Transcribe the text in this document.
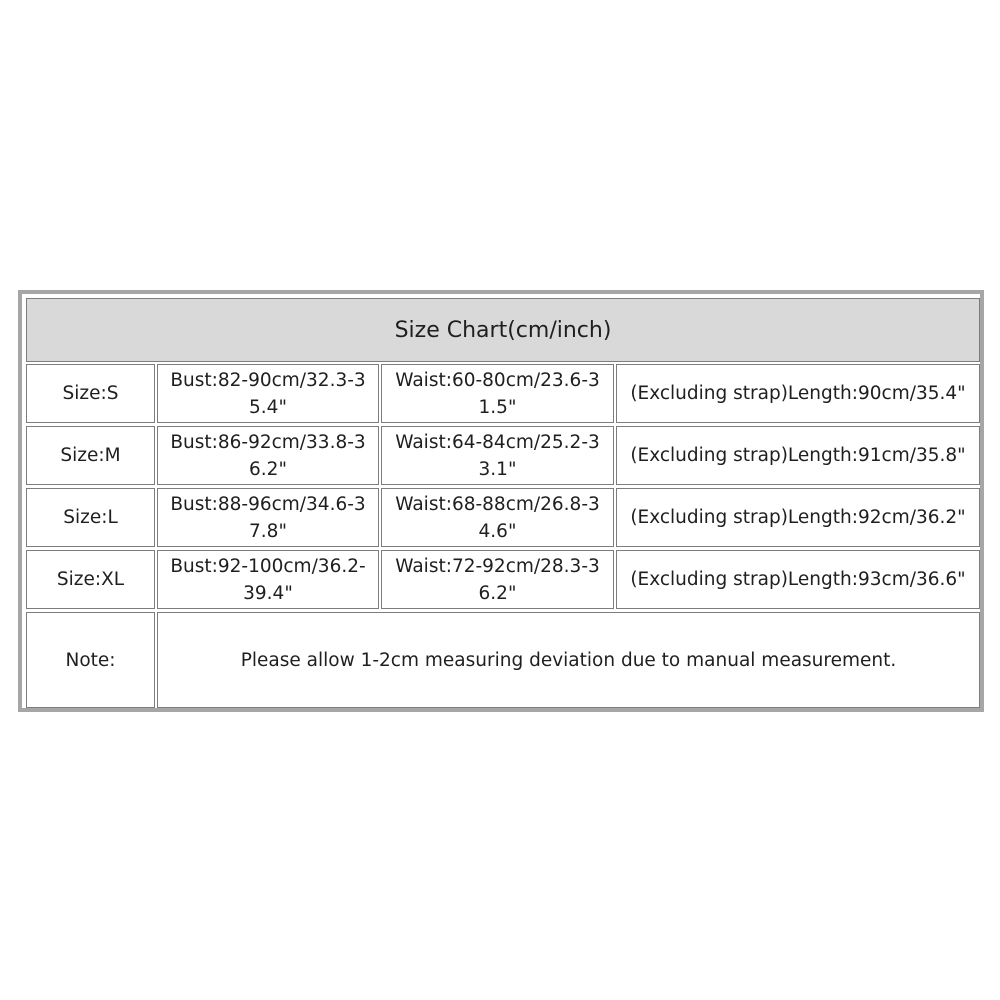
Size Chart(cm/inch)
Size:S
Bust:82-90cm/32.3-35.4"
Waist:60-80cm/23.6-31.5"
(Excluding strap)Length:90cm/35.4"
Size:M
Bust:86-92cm/33.8-36.2"
Waist:64-84cm/25.2-33.1"
(Excluding strap)Length:91cm/35.8"
Size:L
Bust:88-96cm/34.6-37.8"
Waist:68-88cm/26.8-34.6"
(Excluding strap)Length:92cm/36.2"
Size:XL
Bust:92-100cm/36.2-39.4"
Waist:72-92cm/28.3-36.2"
(Excluding strap)Length:93cm/36.6"
Note:	Please allow 1-2cm measuring deviation due to manual measurement.
